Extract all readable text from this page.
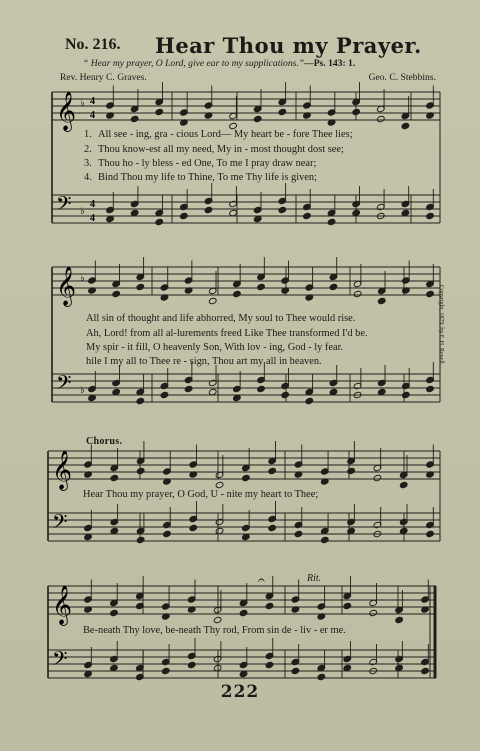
No. 216. Hear Thou my Prayer.
“ Hear my prayer, O Lord, give ear to my supplications.”—Ps. 143: 1.
Rev. Henry C. Graves.	Geo. C. Stebbins.
𝄞
𝄢
♭
♭
4
4
4
4
𝄞
𝄢
♭
♭
𝄞
𝄢
𝄞
𝄢
𝄐
1. All see - ing, gra - cious Lord— My heart be - fore Thee lies;
2. Thou know-est all my need, My in - most thought dost see;
3. Thou ho - ly bless - ed One, To me I pray draw near;
4. Bind Thou my life to Thine, To me Thy life is given;
All sin of thought and life abhorred, My soul to Thee would rise.
Ah, Lord! from all al-lurements freed Like Thee transformed I'd be.
My spir - it fill, O heavenly Son, With lov - ing, God - ly fear.
hile I my all to Thee re - sign, Thou art my all in heaven.	Copyright, 1879, by F. H. Revell.
Chorus.
Hear Thou my prayer, O God, U - nite my heart to Thee;
Rit.
Be-neath Thy love, be-neath Thy rod, From sin de - liv - er me.
222
